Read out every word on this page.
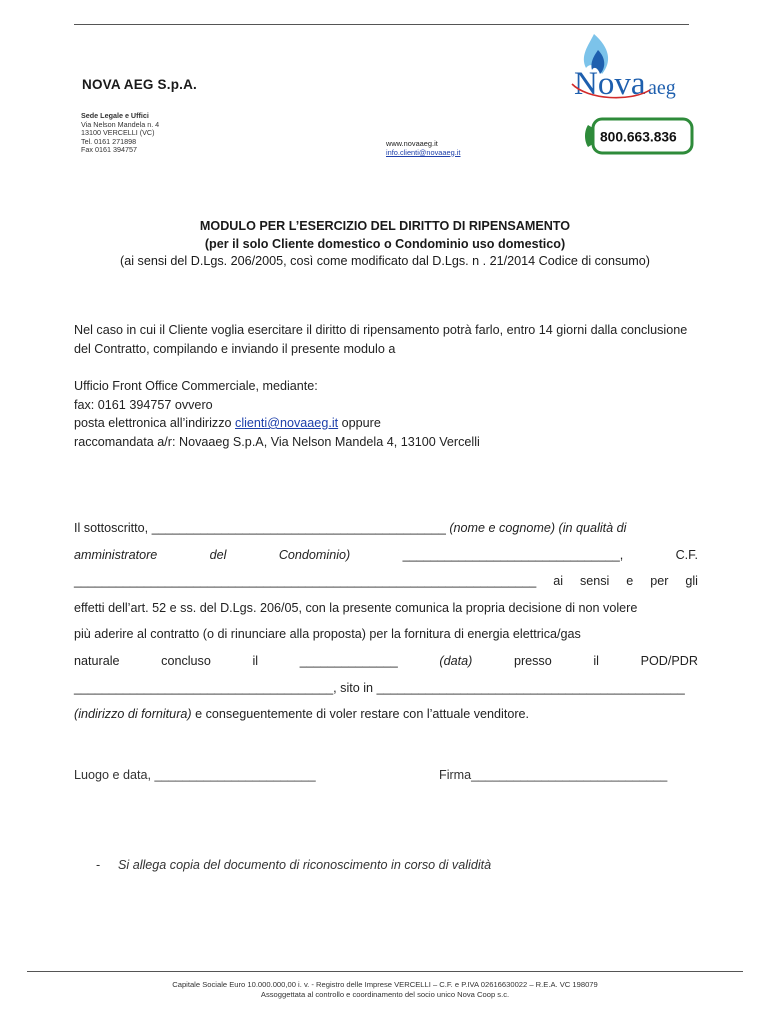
NOVA AEG S.p.A.
Sede Legale e Uffici
Via Nelson Mandela n. 4
13100 VERCELLI (VC)
Tel. 0161 271898
Fax 0161 394757
www.novaaeg.it
info.clienti@novaaeg.it
Nova aeg
800.663.836
MODULO PER L’ESERCIZIO DEL DIRITTO DI RIPENSAMENTO
(per il solo Cliente domestico o Condominio uso domestico)
(ai sensi del D.Lgs. 206/2005, così come modificato dal D.Lgs. n . 21/2014 Codice di consumo)
Nel caso in cui il Cliente voglia esercitare il diritto di ripensamento potrà farlo, entro 14 giorni dalla conclusione del Contratto, compilando e inviando il presente modulo a
Ufficio Front Office Commerciale, mediante:
fax: 0161 394757 ovvero
posta elettronica all’indirizzo clienti@novaaeg.it oppure
raccomandata a/r: Novaaeg S.p.A, Via Nelson Mandela 4, 13100 Vercelli
Il sottoscritto, __________________________________________ (nome e cognome) (in qualità di
amministratore	del	Condominio)	_______________________________,	C.F.
__________________________________________________________________ ai sensi e per gli
effetti dell’art. 52 e ss. del D.Lgs. 206/05, con la presente comunica la propria decisione di non volere
più aderire al contratto (o di rinunciare alla proposta) per la fornitura di energia elettrica/gas
naturale	concluso	il	______________	(data)	presso	il	POD/PDR
_____________________________________, sito in ____________________________________________
(indirizzo di fornitura) e conseguentemente di voler restare con l’attuale venditore.
Luogo e data, _______________________	Firma____________________________
- Si allega copia del documento di riconoscimento in corso di validità
Capitale Sociale Euro 10.000.000,00 i. v. - Registro delle Imprese VERCELLI – C.F. e P.IVA 02616630022 – R.E.A. VC 198079
Assoggettata al controllo e coordinamento del socio unico Nova Coop s.c.
